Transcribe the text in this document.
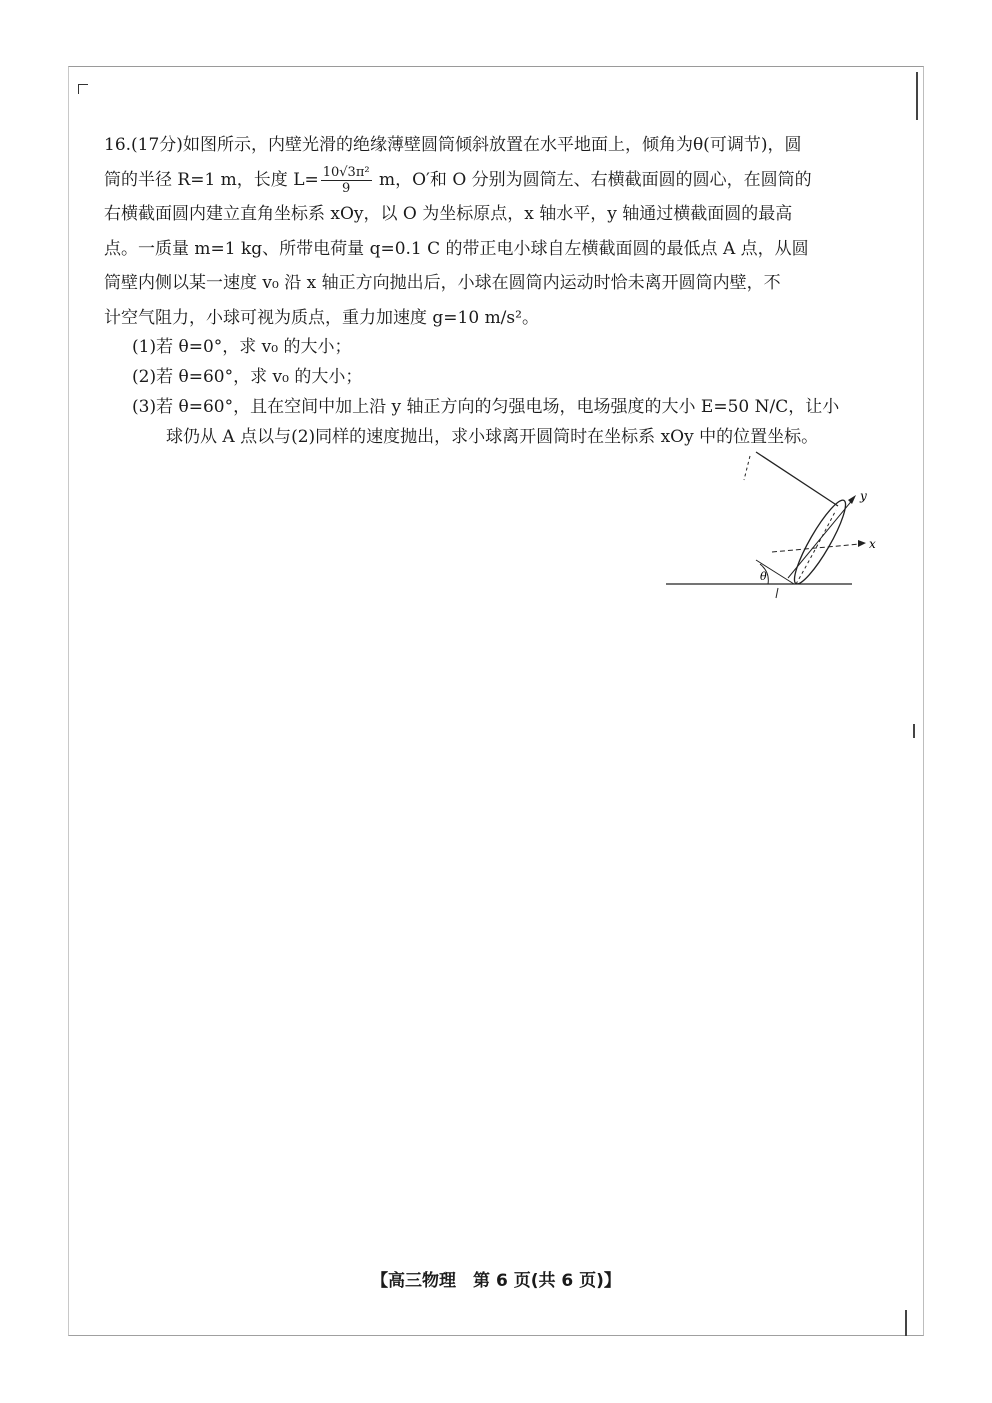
16.(17分)如图所示，内壁光滑的绝缘薄壁圆筒倾斜放置在水平地面上，倾角为θ(可调节)，圆

筒的半径 R=1 m，长度 $L= \frac{\text{10√3π²}}{9}$ m，O′和 O 分别为圆筒左、右横截面圆的圆心，在圆筒的

右横截面圆内建立直角坐标系 xOy，以 O 为坐标原点，x 轴水平，y 轴通过横截面圆的最高

点。一质量 m=1 kg、所带电荷量 q=0.1 C 的带正电小球自左横截面圆的最低点 A 点，从圆

筒壁内侧以某一速度 v₀ 沿 x 轴正方向抛出后，小球在圆筒内运动时恰未离开圆筒内壁，不

计空气阻力，小球可视为质点，重力加速度 g=10 m/s²。

(1)若 θ=0°，求 v₀ 的大小；
(2)若 θ=60°，求 v₀ 的大小；
(3)若 θ=60°，且在空间中加上沿 y 轴正方向的匀强电场，电场强度的大小 E=50 N/C，让小
球仍从 A 点以与(2)同样的速度抛出，求小球离开圆筒时在坐标系 xOy 中的位置坐标。
y
x
θ
【高三物理　第 6 页(共 6 页)】
